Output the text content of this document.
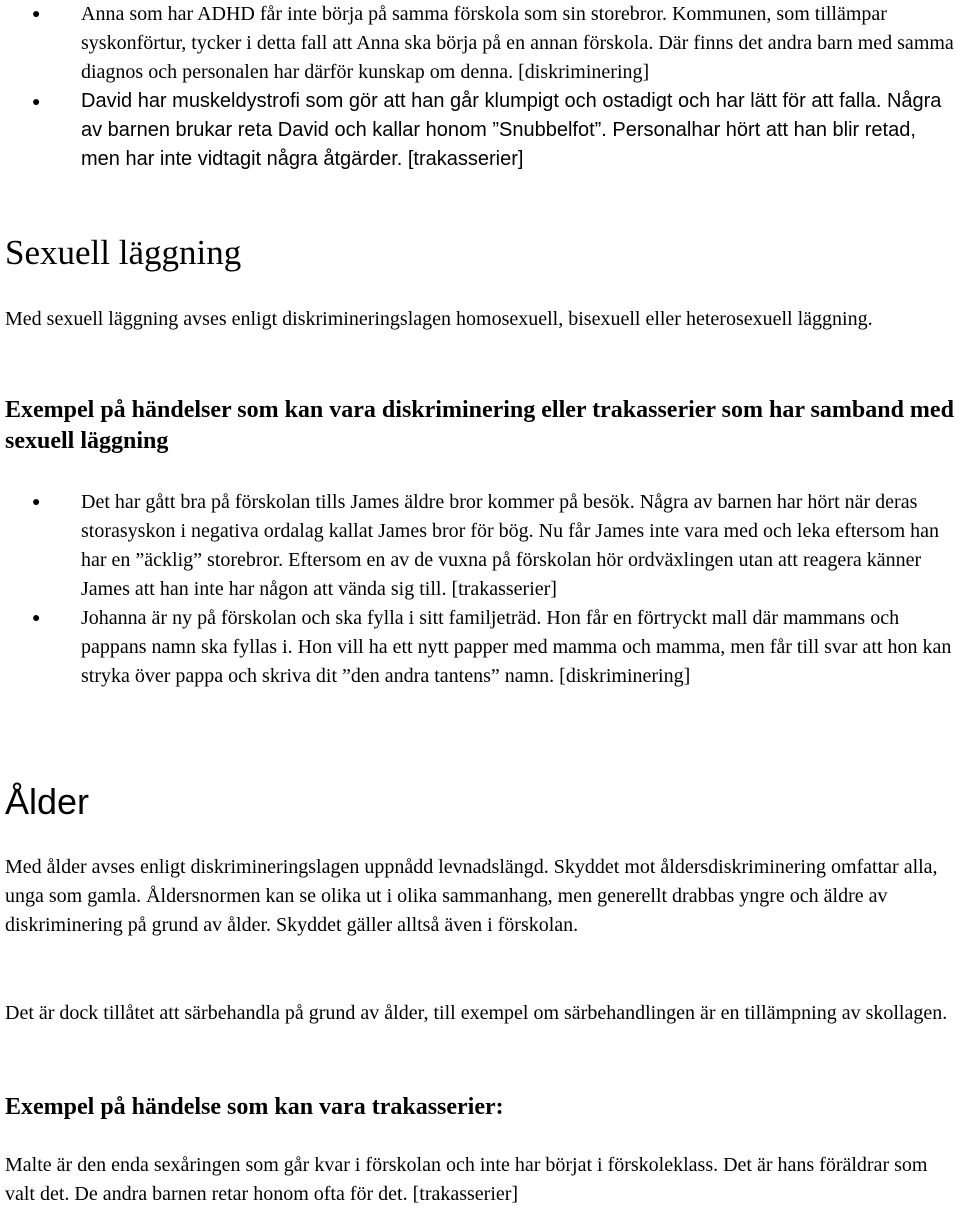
● Anna som har ADHD får inte börja på samma förskola som sin storebror. Kommunen, som tillämpar syskonförtur, tycker i detta fall att Anna ska börja på en annan förskola. Där finns det andra barn med samma diagnos och personalen har därför kunskap om denna. [diskriminering]
● David har muskeldystrofi som gör att han går klumpigt och ostadigt och har lätt för att falla. Några av barnen brukar reta David och kallar honom ”Snubbelfot”. Personalhar hört att han blir retad, men har inte vidtagit några åtgärder. [trakasserier]
Sexuell läggning

Med sexuell läggning avses enligt diskrimineringslagen homosexuell, bisexuell eller heterosexuell läggning.

Exempel på händelser som kan vara diskriminering eller trakasserier som har samband med sexuell läggning
● Det har gått bra på förskolan tills James äldre bror kommer på besök. Några av barnen har hört när deras storasyskon i negativa ordalag kallat James bror för bög. Nu får James inte vara med och leka eftersom han har en ”äcklig” storebror. Eftersom en av de vuxna på förskolan hör ordväxlingen utan att reagera känner James att han inte har någon att vända sig till. [trakasserier]
● Johanna är ny på förskolan och ska fylla i sitt familjeträd. Hon får en förtryckt mall där mammans och pappans namn ska fyllas i. Hon vill ha ett nytt papper med mamma och mamma, men får till svar att hon kan stryka över pappa och skriva dit ”den andra tantens” namn. [diskriminering]
Ålder

Med ålder avses enligt diskrimineringslagen uppnådd levnadslängd. Skyddet mot åldersdiskriminering omfattar alla, unga som gamla. Åldersnormen kan se olika ut i olika sammanhang, men generellt drabbas yngre och äldre av diskriminering på grund av ålder. Skyddet gäller alltså även i förskolan.

Det är dock tillåtet att särbehandla på grund av ålder, till exempel om särbehandlingen är en tillämpning av skollagen.

Exempel på händelse som kan vara trakasserier:

Malte är den enda sexåringen som går kvar i förskolan och inte har börjat i förskoleklass. Det är hans föräldrar som valt det. De andra barnen retar honom ofta för det. [trakasserier]
